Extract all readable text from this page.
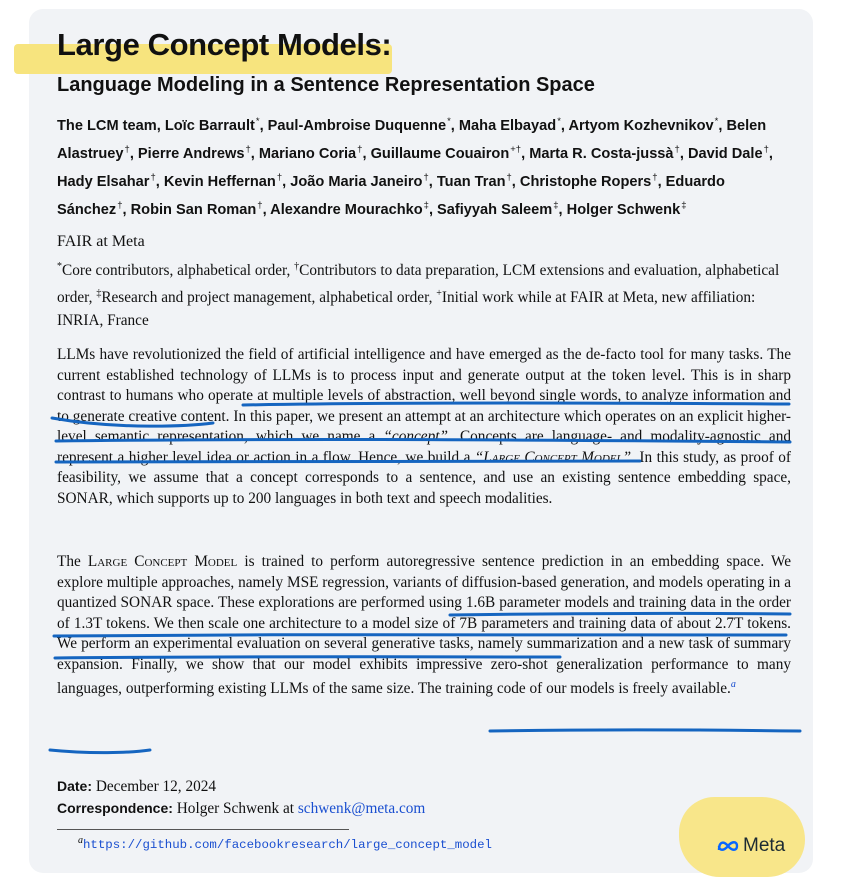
Large Concept Models:
Language Modeling in a Sentence Representation Space
The LCM team, Loïc Barrault*, Paul-Ambroise Duquenne*, Maha Elbayad*, Artyom Kozhevnikov*, Belen Alastruey†, Pierre Andrews†, Mariano Coria†, Guillaume Couairon+†, Marta R. Costa-jussà†, David Dale†, Hady Elsahar†, Kevin Heffernan†, João Maria Janeiro†, Tuan Tran†, Christophe Ropers†, Eduardo Sánchez†, Robin San Roman†, Alexandre Mourachko‡, Safiyyah Saleem‡, Holger Schwenk‡
FAIR at Meta
*Core contributors, alphabetical order, †Contributors to data preparation, LCM extensions and evaluation, alphabetical order, ‡Research and project management, alphabetical order, +Initial work while at FAIR at Meta, new affiliation: INRIA, France
LLMs have revolutionized the field of artificial intelligence and have emerged as the de-facto tool for many tasks. The current established technology of LLMs is to process input and generate output at the token level. This is in sharp contrast to humans who operate at multiple levels of abstraction, well beyond single words, to analyze information and to generate creative content. In this paper, we present an attempt at an architecture which operates on an explicit higher-level semantic representation, which we name a “concept”. Concepts are language- and modality-agnostic and represent a higher level idea or action in a flow. Hence, we build a “Large Concept Model”. In this study, as proof of feasibility, we assume that a concept corresponds to a sentence, and use an existing sentence embedding space, SONAR, which supports up to 200 languages in both text and speech modalities.
The Large Concept Model is trained to perform autoregressive sentence prediction in an embedding space. We explore multiple approaches, namely MSE regression, variants of diffusion-based generation, and models operating in a quantized SONAR space. These explorations are performed using 1.6B parameter models and training data in the order of 1.3T tokens. We then scale one architecture to a model size of 7B parameters and training data of about 2.7T tokens. We perform an experimental evaluation on several generative tasks, namely summarization and a new task of summary expansion. Finally, we show that our model exhibits impressive zero-shot generalization performance to many languages, outperforming existing LLMs of the same size. The training code of our models is freely available.$^a$
Date: December 12, 2024
Correspondence: Holger Schwenk at schwenk@meta.com
$^a$https://github.com/facebookresearch/large_concept_model	Meta
